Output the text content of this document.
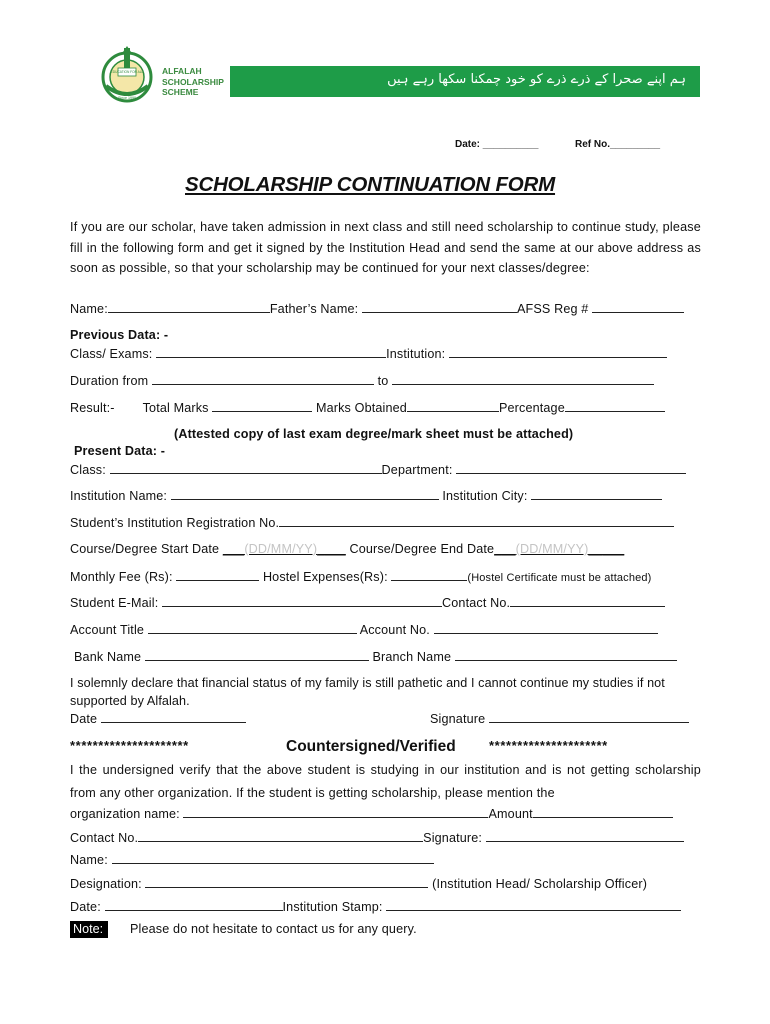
EDUCATION FOR ALL
Since 1999
ALFALAH
SCHOLARSHIP
SCHEME
ہم اپنے صحرا کے ذرے ذرے کو خود چمکنا سکھا رہے ہیں
Date: __________	Ref No._________
SCHOLARSHIP CONTINUATION FORM
If you are our scholar, have taken admission in next class and still need scholarship to continue study, please fill in the following form and get it signed by the Institution Head and send the same at our above address as soon as possible, so that your scholarship may be continued for your next classes/degree:
Name:	Father’s Name:	AFSS Reg #
Previous Data: -
Class/ Exams:	Institution:
Duration from	to
Result:- Total Marks	Marks Obtained	Percentage
(Attested copy of last exam degree/mark sheet must be attached)
Present Data: -
Class:	Department:
Institution Name:	Institution City:
Student’s Institution Registration No.
Course/Degree Start Date ___(DD/MM/YY)____ Course/Degree End Date___(DD/MM/YY)_____
Monthly Fee (Rs):	Hostel Expenses(Rs):	(Hostel Certificate must be attached)
Student E-Mail:	Contact No.
Account Title	Account No.
Bank Name	Branch Name
I solemnly declare that financial status of my family is still pathetic and I cannot continue my studies if not supported by Alfalah.
Date	Signature
*********************	Countersigned/Verified	*********************
I the undersigned verify that the above student is studying in our institution and is not getting scholarship from any other organization. If the student is getting scholarship, please mention the
organization name:	Amount
Contact No.	Signature:
Name:
Designation:	(Institution Head/ Scholarship Officer)
Date:	Institution Stamp:
Note:	Please do not hesitate to contact us for any query.
